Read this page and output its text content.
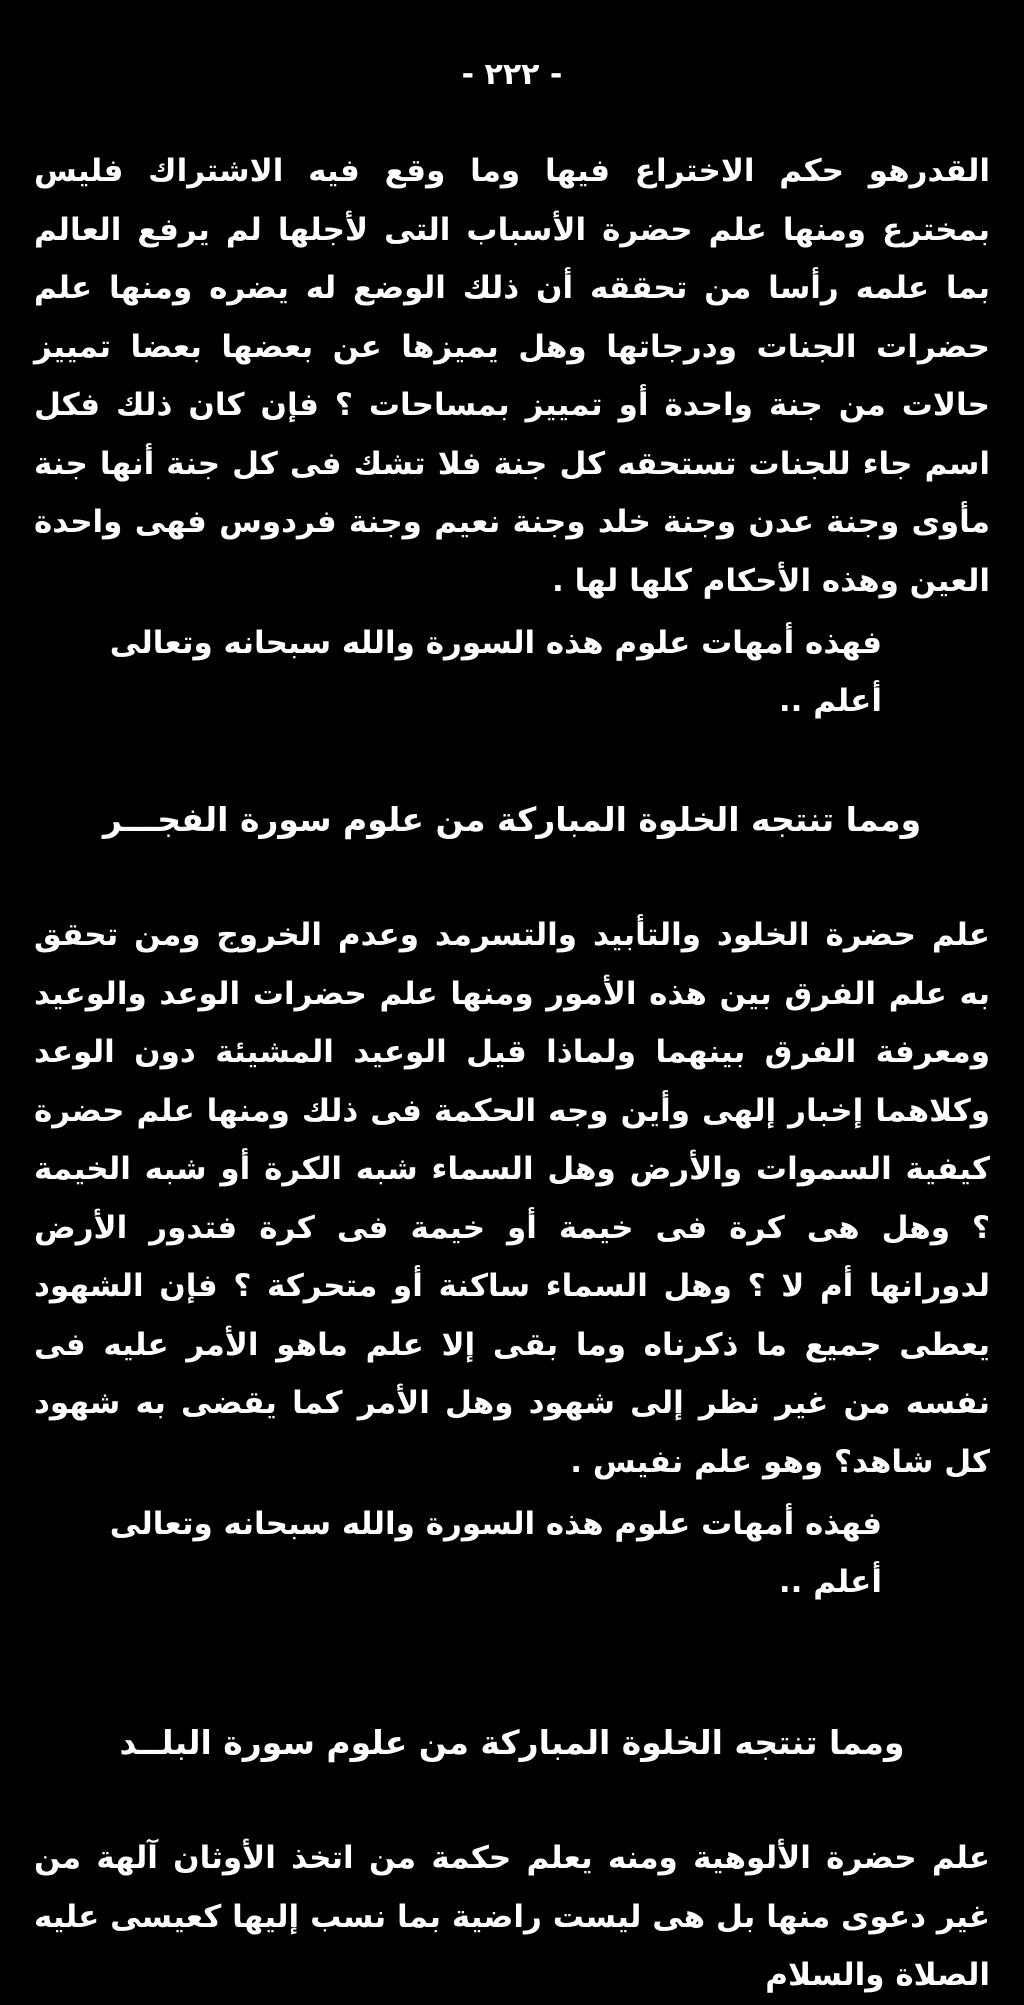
- ٢٢٢ -

القدرهو حكم الاختراع فيها وما وقع فيه الاشتراك فليس بمخترع ومنها علم حضرة الأسباب التى لأجلها لم يرفع العالم بما علمه رأسا من تحققه أن ذلك الوضع له يضره ومنها علم حضرات الجنات ودرجاتها وهل يميزها عن بعضها بعضا تمييز حالات من جنة واحدة أو تمييز بمساحات ؟ فإن كان ذلك فكل اسم جاء للجنات تستحقه كل جنة فلا تشك فى كل جنة أنها جنة مأوى وجنة عدن وجنة خلد وجنة نعيم وجنة فردوس فهى واحدة العين وهذه الأحكام كلها لها .

فهذه أمهات علوم هذه السورة والله سبحانه وتعالى أعلم ..
ومما تنتجه الخلوة المباركة من علوم سورة الفجـــر

علم حضرة الخلود والتأبيد والتسرمد وعدم الخروج ومن تحقق به علم الفرق بين هذه الأمور ومنها علم حضرات الوعد والوعيد ومعرفة الفرق بينهما ولماذا قيل الوعيد المشيئة دون الوعد وكلاهما إخبار إلهى وأين وجه الحكمة فى ذلك ومنها علم حضرة كيفية السموات والأرض وهل السماء شبه الكرة أو شبه الخيمة ؟ وهل هى كرة فى خيمة أو خيمة فى كرة فتدور الأرض لدورانها أم لا ؟ وهل السماء ساكنة أو متحركة ؟ فإن الشهود يعطى جميع ما ذكرناه وما بقى إلا علم ماهو الأمر عليه فى نفسه من غير نظر إلى شهود وهل الأمر كما يقضى به شهود كل شاهد؟ وهو علم نفيس .

فهذه أمهات علوم هذه السورة والله سبحانه وتعالى أعلم ..
ومما تنتجه الخلوة المباركة من علوم سورة البلــد

علم حضرة الألوهية ومنه يعلم حكمة من اتخذ الأوثان آلهة من غير دعوى منها بل هى ليست راضية بما نسب إليها كعيسى عليه الصلاة والسلام
